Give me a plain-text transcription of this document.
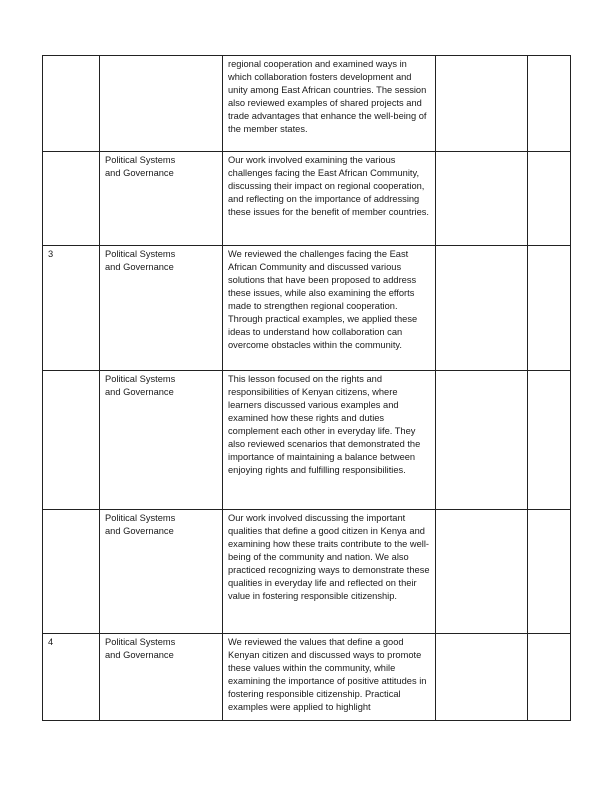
		regional cooperation and examined ways in which collaboration fosters development and unity among East African countries. The session also reviewed examples of shared projects and trade advantages that enhance the well-being of the member states.		

	Political Systems
and Governance	Our work involved examining the various challenges facing the East African Community, discussing their impact on regional cooperation, and reflecting on the importance of addressing these issues for the benefit of member countries.		

3	Political Systems
and Governance	We reviewed the challenges facing the East African Community and discussed various solutions that have been proposed to address these issues, while also examining the efforts made to strengthen regional cooperation. Through practical examples, we applied these ideas to understand how collaboration can overcome obstacles within the community.		

	Political Systems
and Governance	This lesson focused on the rights and responsibilities of Kenyan citizens, where learners discussed various examples and examined how these rights and duties complement each other in everyday life. They also reviewed scenarios that demonstrated the importance of maintaining a balance between enjoying rights and fulfilling responsibilities.		

	Political Systems
and Governance	Our work involved discussing the important qualities that define a good citizen in Kenya and examining how these traits contribute to the well-being of the community and nation. We also practiced recognizing ways to demonstrate these qualities in everyday life and reflected on their value in fostering responsible citizenship.		

4	Political Systems
and Governance	We reviewed the values that define a good Kenyan citizen and discussed ways to promote these values within the community, while examining the importance of positive attitudes in fostering responsible citizenship. Practical examples were applied to highlight		
